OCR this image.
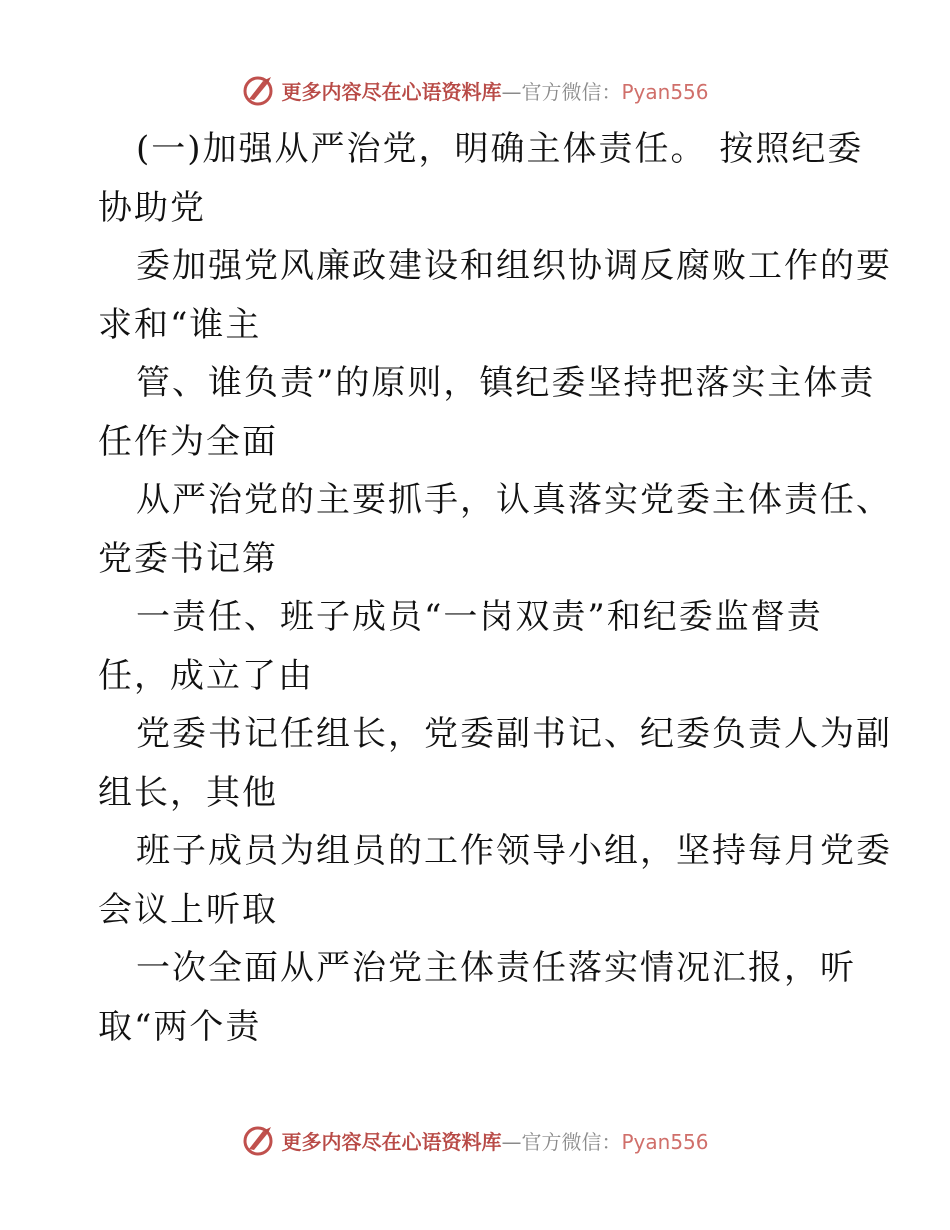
更多内容尽在心语资料库—官方微信：Pyan556
(一)加强从严治党，明确主体责任。 按照纪委
协助党
委加强党风廉政建设和组织协调反腐败工作的要
求和“谁主
管、谁负责”的原则，镇纪委坚持把落实主体责
任作为全面
从严治党的主要抓手，认真落实党委主体责任、
党委书记第
一责任、班子成员“一岗双责”和纪委监督责
任，成立了由
党委书记任组长，党委副书记、纪委负责人为副
组长，其他
班子成员为组员的工作领导小组，坚持每月党委
会议上听取
一次全面从严治党主体责任落实情况汇报，听
取“两个责
更多内容尽在心语资料库—官方微信：Pyan556
